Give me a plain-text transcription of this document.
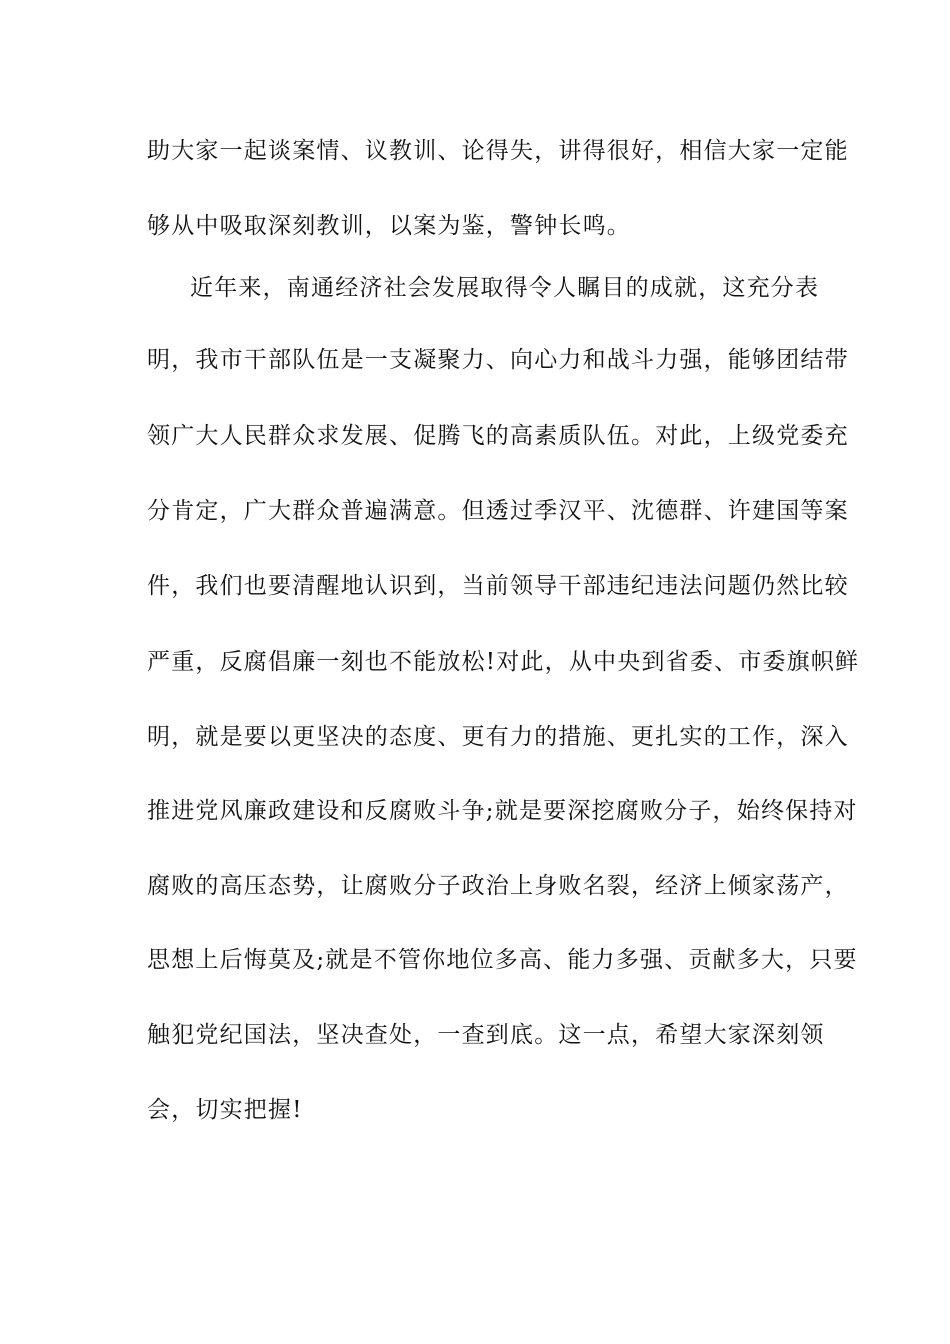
助大家一起谈案情、议教训、论得失，讲得很好，相信大家一定能

够从中吸取深刻教训，以案为鉴，警钟长鸣。

近年来，南通经济社会发展取得令人瞩目的成就，这充分表

明，我市干部队伍是一支凝聚力、向心力和战斗力强，能够团结带

领广大人民群众求发展、促腾飞的高素质队伍。对此，上级党委充

分肯定，广大群众普遍满意。但透过季汉平、沈德群、许建国等案

件，我们也要清醒地认识到，当前领导干部违纪违法问题仍然比较

严重，反腐倡廉一刻也不能放松!对此，从中央到省委、市委旗帜鲜

明，就是要以更坚决的态度、更有力的措施、更扎实的工作，深入

推进党风廉政建设和反腐败斗争;就是要深挖腐败分子，始终保持对

腐败的高压态势，让腐败分子政治上身败名裂，经济上倾家荡产，

思想上后悔莫及;就是不管你地位多高、能力多强、贡献多大，只要

触犯党纪国法，坚决查处，一查到底。这一点，希望大家深刻领

会，切实把握!
